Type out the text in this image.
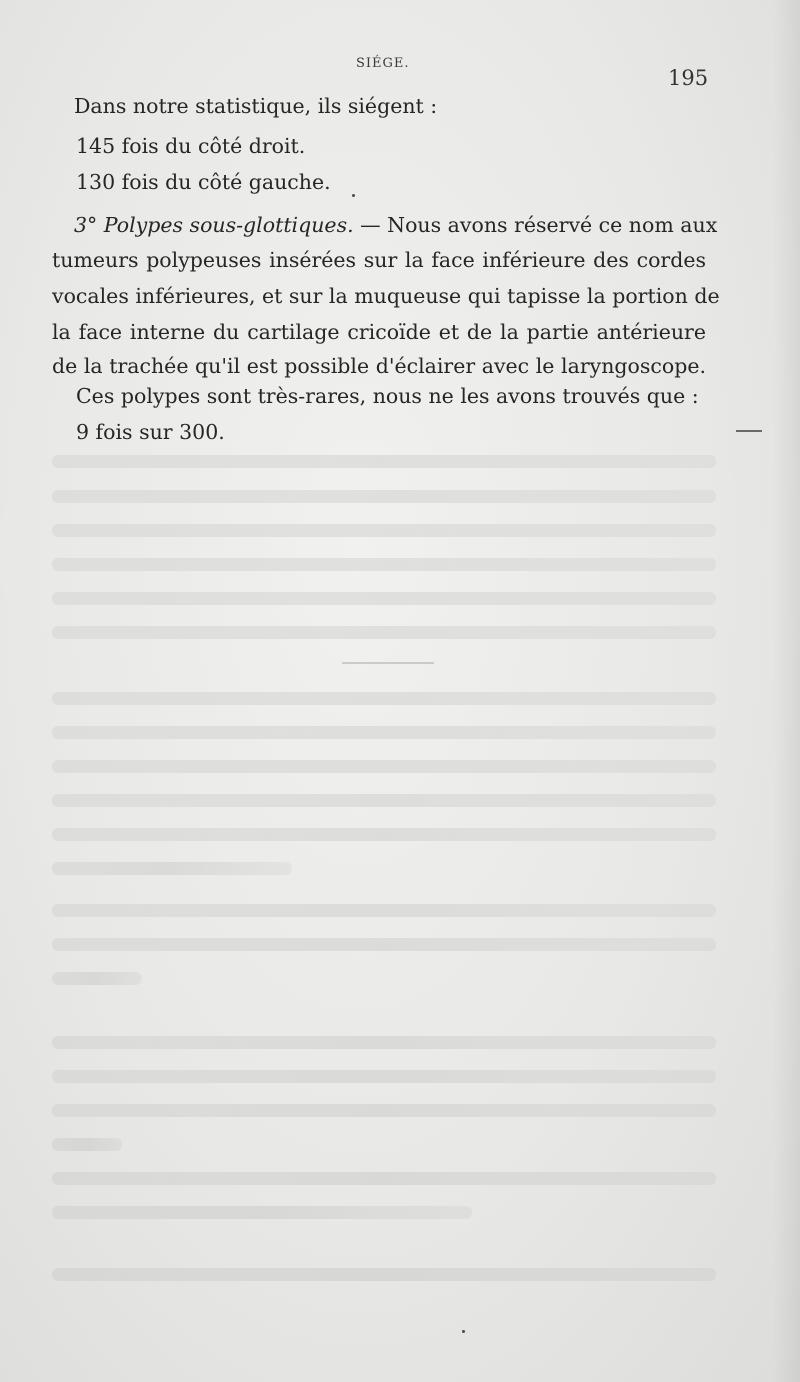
SIÉGE.
195
Dans notre statistique, ils siégent :
145 fois du côté droit.
130 fois du côté gauche.
3° Polypes sous-glottiques. — Nous avons réservé ce nom aux
tumeurs polypeuses insérées sur la face inférieure des cordes
vocales inférieures, et sur la muqueuse qui tapisse la portion de
la face interne du cartilage cricoïde et de la partie antérieure
de la trachée qu'il est possible d'éclairer avec le laryngoscope.
Ces polypes sont très-rares, nous ne les avons trouvés que :
9 fois sur 300.
